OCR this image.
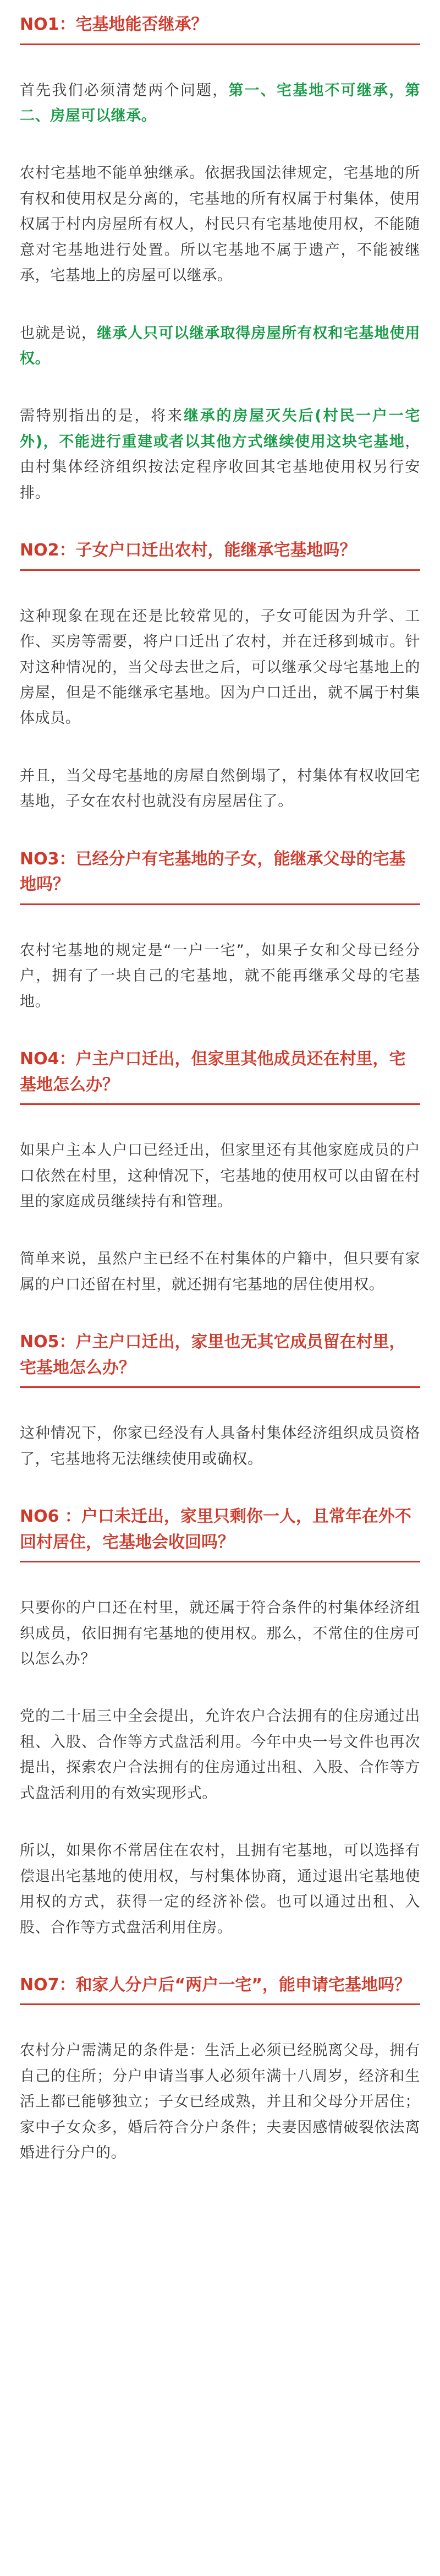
NO1：宅基地能否继承？

首先我们必须清楚两个问题，第一、宅基地不可继承，第二、房屋可以继承。

农村宅基地不能单独继承。依据我国法律规定，宅基地的所有权和使用权是分离的，宅基地的所有权属于村集体，使用权属于村内房屋所有权人，村民只有宅基地使用权，不能随意对宅基地进行处置。所以宅基地不属于遗产，不能被继承，宅基地上的房屋可以继承。

也就是说，继承人只可以继承取得房屋所有权和宅基地使用权。

需特别指出的是，将来继承的房屋灭失后(村民一户一宅外)，不能进行重建或者以其他方式继续使用这块宅基地，由村集体经济组织按法定程序收回其宅基地使用权另行安排。

NO2：子女户口迁出农村，能继承宅基地吗？

这种现象在现在还是比较常见的，子女可能因为升学、工作、买房等需要，将户口迁出了农村，并在迁移到城市。针对这种情况的，当父母去世之后，可以继承父母宅基地上的房屋，但是不能继承宅基地。因为户口迁出，就不属于村集体成员。

并且，当父母宅基地的房屋自然倒塌了，村集体有权收回宅基地，子女在农村也就没有房屋居住了。

NO3：已经分户有宅基地的子女，能继承父母的宅基地吗？

农村宅基地的规定是“一户一宅”，如果子女和父母已经分户，拥有了一块自己的宅基地，就不能再继承父母的宅基地。

NO4：户主户口迁出，但家里其他成员还在村里，宅基地怎么办？

如果户主本人户口已经迁出，但家里还有其他家庭成员的户口依然在村里，这种情况下，宅基地的使用权可以由留在村里的家庭成员继续持有和管理。

简单来说，虽然户主已经不在村集体的户籍中，但只要有家属的户口还留在村里，就还拥有宅基地的居住使用权。

NO5：户主户口迁出，家里也无其它成员留在村里，宅基地怎么办？

这种情况下，你家已经没有人具备村集体经济组织成员资格了，宅基地将无法继续使用或确权。

NO6 ：户口未迁出，家里只剩你一人，且常年在外不回村居住，宅基地会收回吗？

只要你的户口还在村里，就还属于符合条件的村集体经济组织成员，依旧拥有宅基地的使用权。那么，不常住的住房可以怎么办？

党的二十届三中全会提出，允许农户合法拥有的住房通过出租、入股、合作等方式盘活利用。今年中央一号文件也再次提出，探索农户合法拥有的住房通过出租、入股、合作等方式盘活利用的有效实现形式。

所以，如果你不常居住在农村，且拥有宅基地，可以选择有偿退出宅基地的使用权，与村集体协商，通过退出宅基地使用权的方式，获得一定的经济补偿。也可以通过出租、入股、合作等方式盘活利用住房。

NO7：和家人分户后“两户一宅”，能申请宅基地吗？

农村分户需满足的条件是：生活上必须已经脱离父母，拥有自己的住所；分户申请当事人必须年满十八周岁，经济和生活上都已能够独立；子女已经成熟，并且和父母分开居住；家中子女众多，婚后符合分户条件；夫妻因感情破裂依法离婚进行分户的。
